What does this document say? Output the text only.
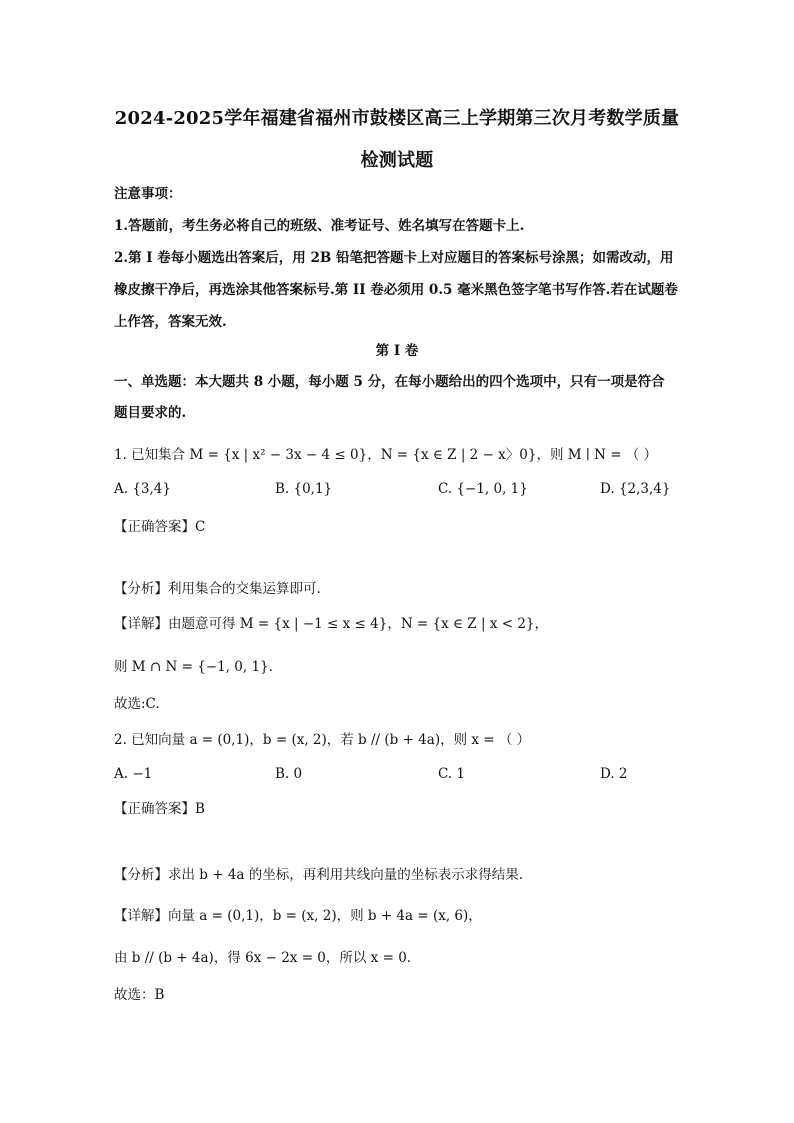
2024-2025学年福建省福州市鼓楼区高三上学期第三次月考数学质量
检测试题
注意事项：
1.答题前，考生务必将自己的班级、准考证号、姓名填写在答题卡上.
2.第 I 卷每小题选出答案后，用 2B 铅笔把答题卡上对应题目的答案标号涂黑；如需改动，用
橡皮擦干净后，再选涂其他答案标号.第 II 卷必须用 0.5 毫米黑色签字笔书写作答.若在试题卷
上作答，答案无效.
第 I 卷
一、单选题：本大题共 8 小题，每小题 5 分，在每小题给出的四个选项中，只有一项是符合
题目要求的.
1. 已知集合 M = {x | x² − 3x − 4 ≤ 0}，N = {x ∈ Z | 2 − x〉0}，则 M ∣ N = （ ）
A. {3,4}	B. {0,1}	C. {−1, 0, 1}	D. {2,3,4}
【正确答案】C
【分析】利用集合的交集运算即可.
【详解】由题意可得 M = {x | −1 ≤ x ≤ 4}，N = {x ∈ Z | x < 2}，
则 M ∩ N = {−1, 0, 1}.
故选:C.
2. 已知向量 a = (0,1)，b = (x, 2)，若 b // (b + 4a)，则 x = （ ）
A. −1	B. 0	C. 1	D. 2
【正确答案】B
【分析】求出 b + 4a 的坐标，再利用共线向量的坐标表示求得结果.
【详解】向量 a = (0,1)，b = (x, 2)，则 b + 4a = (x, 6)，
由 b // (b + 4a)，得 6x − 2x = 0，所以 x = 0.
故选：B
